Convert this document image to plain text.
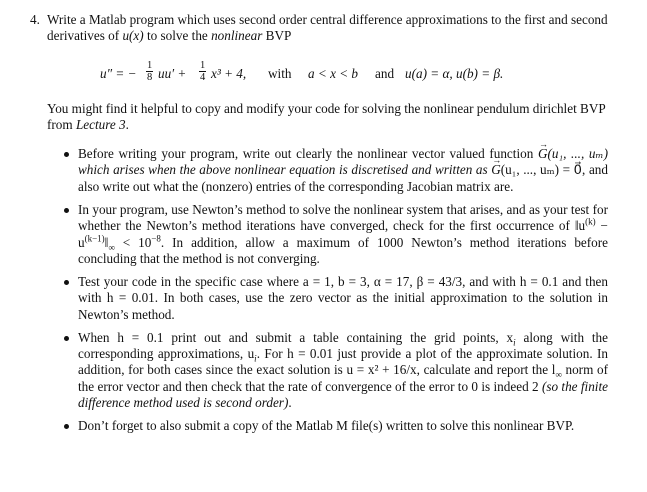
4. Write a Matlab program which uses second order central difference approximations to the first and second derivatives of u(x) to solve the nonlinear BVP
u″ = − $\frac{1}{8} uu' + \frac{1}{4} x^3 + 4$, with a < x < b and u(a) = α, u(b) = β.
You might find it helpful to copy and modify your code for solving the nonlinear pendulum dirichlet BVP from Lecture 3.
Before writing your program, write out clearly the nonlinear vector valued function G →(u₁, ..., uₘ) which arises when the above nonlinear equation is discretised and written as G →(u₁, ..., uₘ) = 0⃗, and also write out what the (nonzero) entries of the corresponding Jacobian matrix are.
In your program, use Newton’s method to solve the nonlinear system that arises, and as your test for whether the Newton’s method iterations have converged, check for the first occurrence of $‖u^{(k)}$ − $u^{(k-1)}‖_\infty < 10^{-8}$. In addition, allow a maximum of 1000 Newton’s method iterations before concluding that the method is not converging.
Test your code in the specific case where a = 1, b = 3, α = 17, β = 43/3, and with h = 0.1 and then with h = 0.01. In both cases, use the zero vector as the initial approximation to the solution in Newton’s method.
When h = 0.1 print out and submit a table containing the grid points, $x_i$ along with the corresponding approximations, $u_i$. For h = 0.01 just provide a plot of the approximate solution. In addition, for both cases since the exact solution is u = x² + 16/x, calculate and report the $l_\infty$ norm of the error vector and then check that the rate of convergence of the error to 0 is indeed 2 (so the finite difference method used is second order).
Don’t forget to also submit a copy of the Matlab M file(s) written to solve this nonlinear BVP.
